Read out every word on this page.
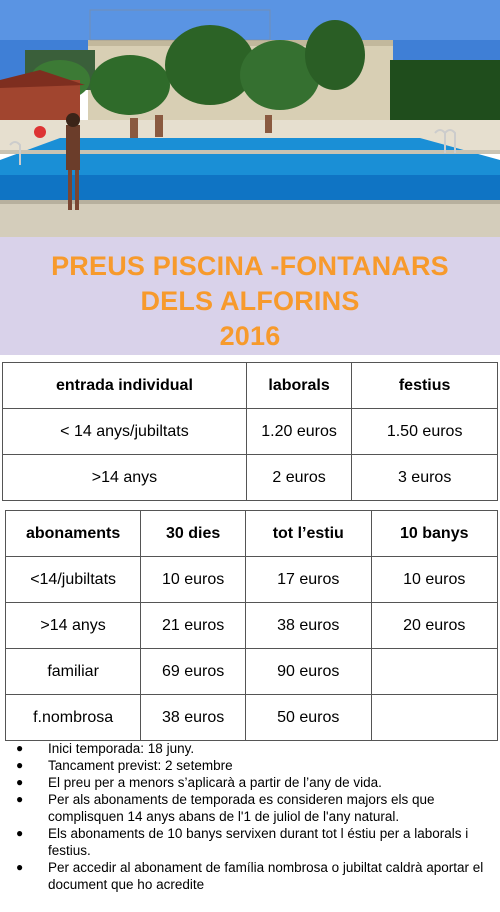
PREUS PISCINA -FONTANARS
DELS ALFORINS
2016
entrada individual	laborals	festius
< 14 anys/jubiltats	1.20 euros	1.50 euros
>14 anys	2 euros	3 euros
abonaments	30 dies	tot l’estiu	10 banys
<14/jubiltats	10 euros	17 euros	10 euros
>14 anys	21 euros	38 euros	20 euros
familiar	69 euros	90 euros	
f.nombrosa	38 euros	50 euros	
● Inici temporada: 18 juny.
● Tancament previst: 2 setembre
● El preu per a menors s’aplicarà a partir de l’any de vida.
● Per als abonaments de temporada es consideren majors els que complisquen 14 anys abans de l'1 de juliol de l'any natural.
● Els abonaments de 10 banys servixen durant tot l éstiu per a laborals i festius.
● Per accedir al abonament de família nombrosa o jubiltat caldrà aportar el document que ho acredite
